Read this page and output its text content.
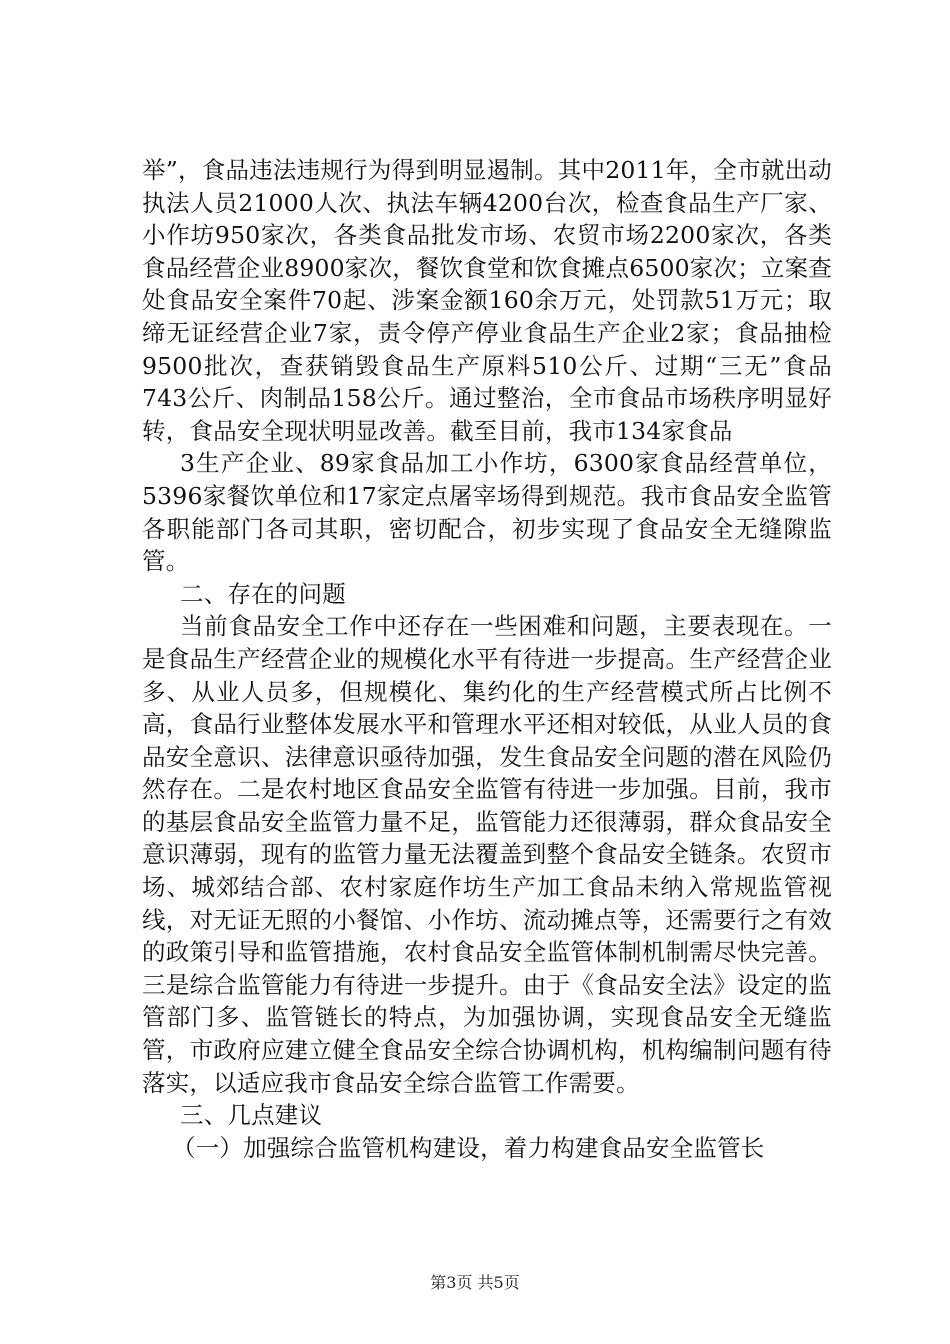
举”，食品违法违规行为得到明显遏制。其中2011年，全市就出动执法人员21000人次、执法车辆4200台次，检查食品生产厂家、小作坊950家次，各类食品批发市场、农贸市场2200家次，各类食品经营企业8900家次，餐饮食堂和饮食摊点6500家次；立案查处食品安全案件70起、涉案金额160余万元，处罚款51万元；取缔无证经营企业7家，责令停产停业食品生产企业2家；食品抽检9500批次，查获销毁食品生产原料510公斤、过期“三无”食品743公斤、肉制品158公斤。通过整治，全市食品市场秩序明显好转，食品安全现状明显改善。截至目前，我市134家食品

3生产企业、89家食品加工小作坊，6300家食品经营单位，5396家餐饮单位和17家定点屠宰场得到规范。我市食品安全监管各职能部门各司其职，密切配合，初步实现了食品安全无缝隙监管。

二、存在的问题

当前食品安全工作中还存在一些困难和问题，主要表现在。一是食品生产经营企业的规模化水平有待进一步提高。生产经营企业多、从业人员多，但规模化、集约化的生产经营模式所占比例不高，食品行业整体发展水平和管理水平还相对较低，从业人员的食品安全意识、法律意识亟待加强，发生食品安全问题的潜在风险仍然存在。二是农村地区食品安全监管有待进一步加强。目前，我市的基层食品安全监管力量不足，监管能力还很薄弱，群众食品安全意识薄弱，现有的监管力量无法覆盖到整个食品安全链条。农贸市场、城郊结合部、农村家庭作坊生产加工食品未纳入常规监管视线，对无证无照的小餐馆、小作坊、流动摊点等，还需要行之有效的政策引导和监管措施，农村食品安全监管体制机制需尽快完善。三是综合监管能力有待进一步提升。由于《食品安全法》设定的监管部门多、监管链长的特点，为加强协调，实现食品安全无缝监管，市政府应建立健全食品安全综合协调机构，机构编制问题有待落实，以适应我市食品安全综合监管工作需要。

三、几点建议

（一）加强综合监管机构建设，着力构建食品安全监管长

第3页 共5页
